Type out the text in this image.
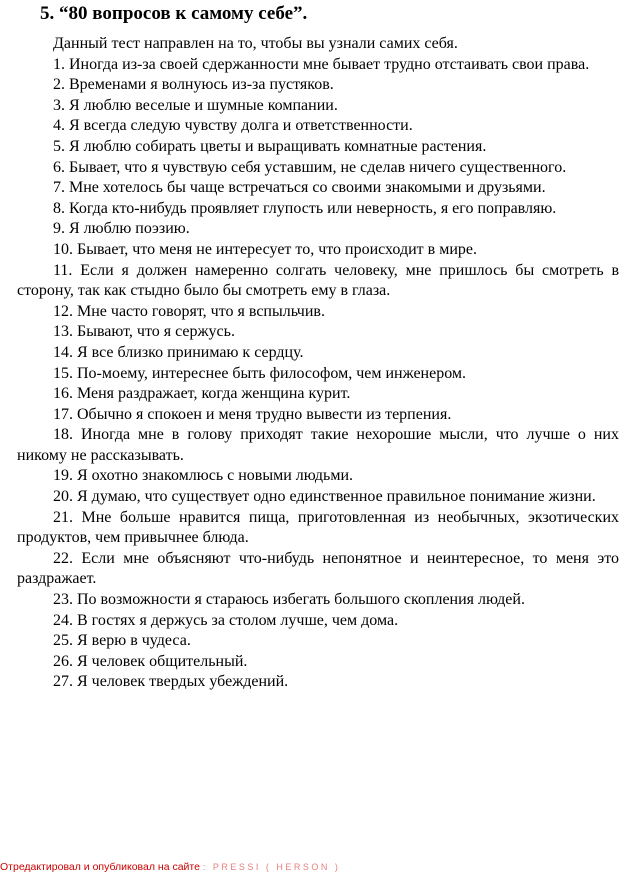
5. “80 вопросов к самому себе”.

Данный тест направлен на то, чтобы вы узнали самих себя.

1. Иногда из-за своей сдержанности мне бывает трудно отстаивать свои права.
2. Временами я волнуюсь из-за пустяков.
3. Я люблю веселые и шумные компании.
4. Я всегда следую чувству долга и ответственности.
5. Я люблю собирать цветы и выращивать комнатные растения.
6. Бывает, что я чувствую себя уставшим, не сделав ничего существенного.
7. Мне хотелось бы чаще встречаться со своими знакомыми и друзьями.
8. Когда кто-нибудь проявляет глупость или неверность, я его поправляю.
9. Я люблю поэзию.
10. Бывает, что меня не интересует то, что происходит в мире.
11. Если я должен намеренно солгать человеку, мне пришлось бы смотреть в сторону, так как стыдно было бы смотреть ему в глаза.
12. Мне часто говорят, что я вспыльчив.
13. Бывают, что я сержусь.
14. Я все близко принимаю к сердцу.
15. По-моему, интереснее быть философом, чем инженером.
16. Меня раздражает, когда женщина курит.
17. Обычно я спокоен и меня трудно вывести из терпения.
18. Иногда мне в голову приходят такие нехорошие мысли, что лучше о них никому не рассказывать.
19. Я охотно знакомлюсь с новыми людьми.
20. Я думаю, что существует одно единственное правильное понимание жизни.
21. Мне больше нравится пища, приготовленная из необычных, экзотических продуктов, чем привычнее блюда.
22. Если мне объясняют что-нибудь непонятное и неинтересное, то меня это раздражает.
23. По возможности я стараюсь избегать большого скопления людей.
24. В гостях я держусь за столом лучше, чем дома.
25. Я верю в чудеса.
26. Я человек общительный.
27. Я человек твердых убеждений.
Отредактировал и опубликовал на сайте : PRESSI ( HERSON )
